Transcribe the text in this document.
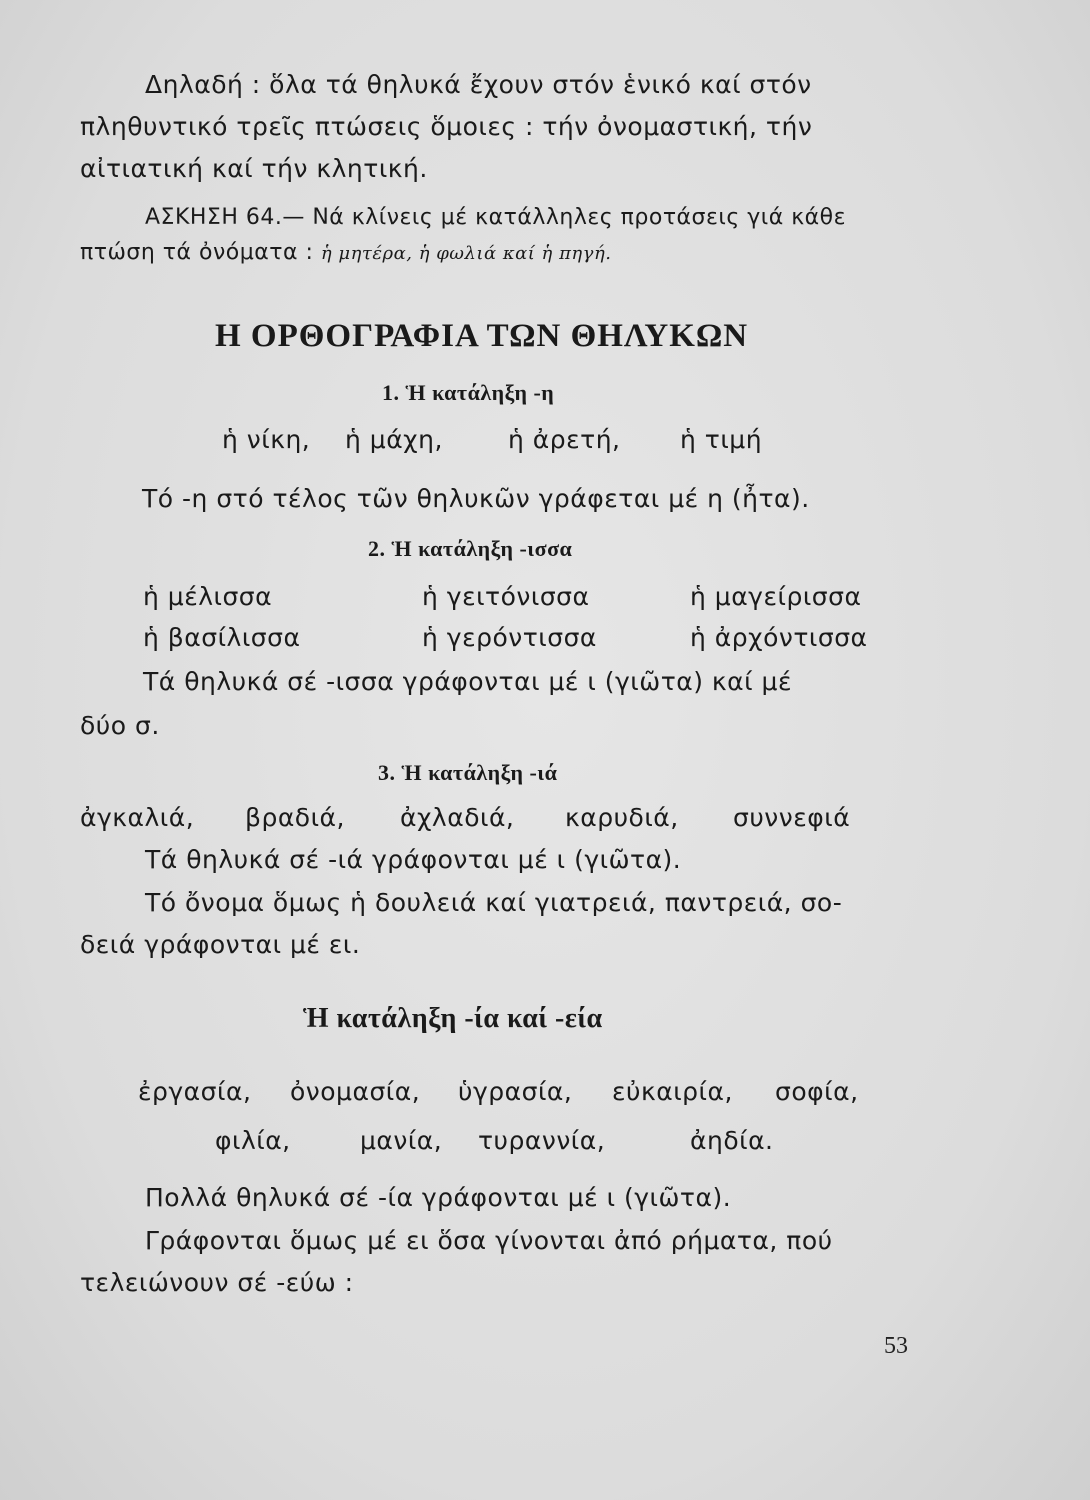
Δηλαδή : ὅλα τά θηλυκά ἔχουν στόν ἑνικό καί στόν
πληθυντικό τρεῖς πτώσεις ὅμοιες : τήν ὀνομαστική, τήν
αἰτιατική καί τήν κλητική.
ΑΣΚΗΣΗ 64.— Νά κλίνεις μέ κατάλληλες προτάσεις γιά κάθε
πτώση τά ὀνόματα : ἡ μητέρα, ἡ φωλιά καί ἡ πηγή.
Η ΟΡΘΟΓΡΑΦΙΑ ΤΩΝ ΘΗΛΥΚΩΝ
1. Ἡ κατάληξη -η
ἡ νίκη, ἡ μάχη,	ἡ ἀρετή, ἡ τιμή
Τό -η στό τέλος τῶν θηλυκῶν γράφεται μέ η (ἦτα).
2. Ἡ κατάληξη -ισσα
ἡ μέλισσα	ἡ γειτόνισσα	ἡ μαγείρισσα
ἡ βασίλισσα	ἡ γερόντισσα	ἡ ἀρχόντισσα
Τά θηλυκά σέ -ισσα γράφονται μέ ι (γιῶτα) καί μέ
δύο σ.
3. Ἡ κατάληξη -ιά
ἀγκαλιά, βραδιά, ἀχλαδιά, καρυδιά, συννεφιά
Τά θηλυκά σέ -ιά γράφονται μέ ι (γιῶτα).
Τό ὄνομα ὅμως ἡ δουλειά καί γιατρειά, παντρειά, σο-
δειά γράφονται μέ ει.
Ἡ κατάληξη -ία καί -εία
ἐργασία, ὀνομασία, ὑγρασία, εὐκαιρία, σοφία,
φιλία,	μανία, τυραννία,	ἀηδία.
Πολλά θηλυκά σέ -ία γράφονται μέ ι (γιῶτα).
Γράφονται ὅμως μέ ει ὅσα γίνονται ἀπό ρήματα, πού
τελειώνουν σέ -εύω :
53
